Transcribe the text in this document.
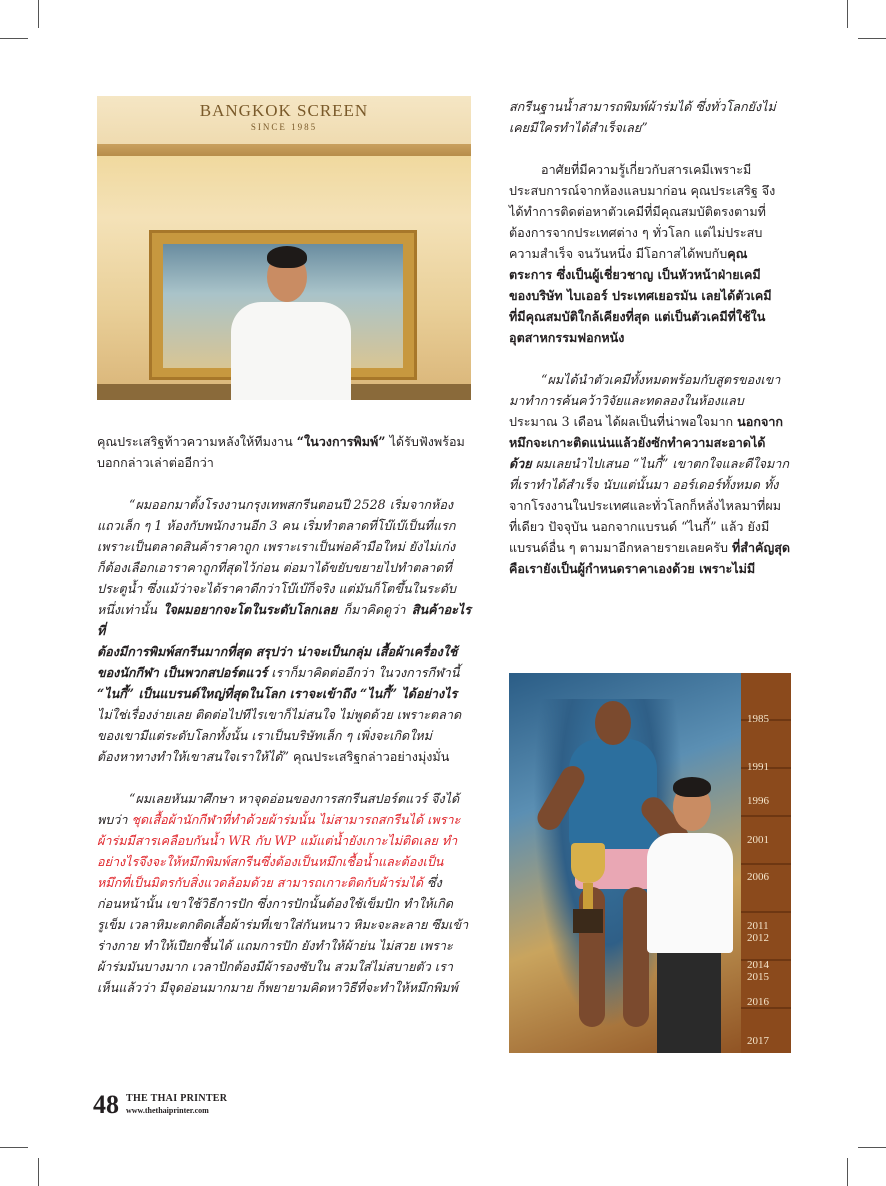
BANGKOK SCREEN
SINCE 1985

คุณประเสริฐท้าวความหลังให้ทีมงาน “ในวงการพิมพ์” ได้รับฟังพร้อม
บอกกล่าวเล่าต่ออีกว่า

“ผมออกมาตั้งโรงงานกรุงเทพสกรีนตอนปี 2528 เริ่มจากห้อง
แถวเล็ก ๆ 1 ห้องกับพนักงานอีก 3 คน เริ่มทำตลาดที่โบ๊เบ๊เป็นที่แรก
เพราะเป็นตลาดสินค้าราคาถูก เพราะเราเป็นพ่อค้ามือใหม่ ยังไม่เก่ง
ก็ต้องเลือกเอาราคาถูกที่สุดไว้ก่อน ต่อมาได้ขยับขยายไปทำตลาดที่
ประตูน้ำ ซึ่งแม้ว่าจะได้ราคาดีกว่าโบ๊เบ๊ก็จริง แต่มันก็โตขึ้นในระดับ
หนึ่งเท่านั้น ใจผมอยากจะโตในระดับโลกเลย ก็มาคิดดูว่า สินค้าอะไรที่
ต้องมีการพิมพ์สกรีนมากที่สุด สรุปว่า น่าจะเป็นกลุ่ม เสื้อผ้าเครื่องใช้
ของนักกีฬา เป็นพวกสปอร์ตแวร์ เราก็มาคิดต่ออีกว่า ในวงการกีฬานี้
“ไนกี้” เป็นแบรนด์ใหญ่ที่สุดในโลก เราจะเข้าถึง “ไนกี้” ได้อย่างไร
ไม่ใช่เรื่องง่ายเลย ติดต่อไปทีไรเขาก็ไม่สนใจ ไม่พูดด้วย เพราะตลาด
ของเขามีแต่ระดับโลกทั้งนั้น เราเป็นบริษัทเล็ก ๆ เพิ่งจะเกิดใหม่
ต้องหาทางทำให้เขาสนใจเราให้ได้” คุณประเสริฐกล่าวอย่างมุ่งมั่น

“ผมเลยหันมาศึกษา หาจุดอ่อนของการสกรีนสปอร์ตแวร์ จึงได้
พบว่า ชุดเสื้อผ้านักกีฬาที่ทำด้วยผ้าร่มนั้น ไม่สามารถสกรีนได้ เพราะ
ผ้าร่มมีสารเคลือบกันน้ำ WR กับ WP แม้แต่น้ำยังเกาะไม่ติดเลย ทำ
อย่างไรจึงจะให้หมึกพิมพ์สกรีนซึ่งต้องเป็นหมึกเชื้อน้ำและต้องเป็น
หมึกที่เป็นมิตรกับสิ่งแวดล้อมด้วย สามารถเกาะติดกับผ้าร่มได้ ซึ่ง
ก่อนหน้านั้น เขาใช้วิธีการปัก ซึ่งการปักนั้นต้องใช้เข็มปัก ทำให้เกิด
รูเข็ม เวลาหิมะตกติดเสื้อผ้าร่มที่เขาใส่กันหนาว หิมะจะละลาย ซึมเข้า
ร่างกาย ทำให้เปียกชื้นได้ แถมการปัก ยังทำให้ผ้าย่น ไม่สวย เพราะ
ผ้าร่มมันบางมาก เวลาปักต้องมีผ้ารองซับใน สวมใส่ไม่สบายตัว เรา
เห็นแล้วว่า มีจุดอ่อนมากมาย ก็พยายามคิดหาวิธีที่จะทำให้หมึกพิมพ์

สกรีนฐานน้ำสามารถพิมพ์ผ้าร่มได้ ซึ่งทั่วโลกยังไม่
เคยมีใครทำได้สำเร็จเลย”

อาศัยที่มีความรู้เกี่ยวกับสารเคมีเพราะมี
ประสบการณ์จากห้องแลบมาก่อน คุณประเสริฐ จึง
ได้ทำการติดต่อหาตัวเคมีที่มีคุณสมบัติตรงตามที่
ต้องการจากประเทศต่าง ๆ ทั่วโลก แต่ไม่ประสบ
ความสำเร็จ จนวันหนึ่ง มีโอกาสได้พบกับคุณ
ตระการ ซึ่งเป็นผู้เชี่ยวชาญ เป็นหัวหน้าฝ่ายเคมี
ของบริษัท ไบเออร์ ประเทศเยอรมัน เลยได้ตัวเคมี
ที่มีคุณสมบัติใกล้เคียงที่สุด แต่เป็นตัวเคมีที่ใช้ใน
อุตสาหกรรมฟอกหนัง

“ผมได้นำตัวเคมีทั้งหมดพร้อมกับสูตรของเขา
มาทำการค้นคว้าวิจัยและทดลองในห้องแลบ
ประมาณ 3 เดือน ได้ผลเป็นที่น่าพอใจมาก นอกจาก
หมึกจะเกาะติดแน่นแล้วยังซักทำความสะอาดได้
ด้วย ผมเลยนำไปเสนอ “ไนกี้” เขาตกใจและดีใจมาก
ที่เราทำได้สำเร็จ นับแต่นั้นมา ออร์เดอร์ทั้งหมด ทั้ง
จากโรงงานในประเทศและทั่วโลกก็หลั่งไหลมาที่ผม
ที่เดียว ปัจจุบัน นอกจากแบรนด์ “ไนกี้” แล้ว ยังมี
แบรนด์อื่น ๆ ตามมาอีกหลายรายเลยครับ ที่สำคัญสุด
คือเรายังเป็นผู้กำหนดราคาเองด้วย เพราะไม่มี

1985
1991
1996
2001
2006
2011
2012
2014
2015
2016
2017
48 THE THAI PRINTER
www.thethaiprinter.com
